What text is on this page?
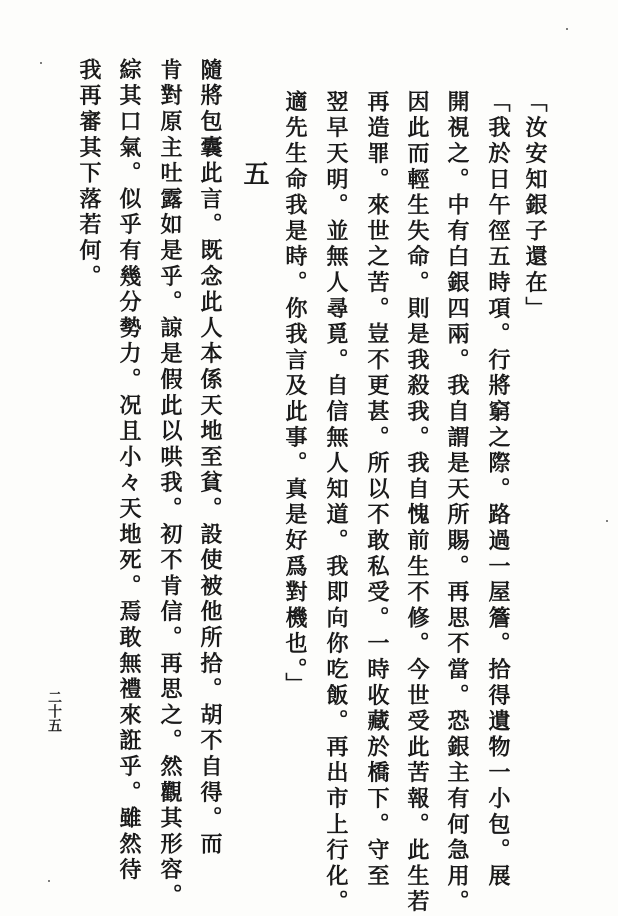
「汝安知銀子還在」
「我於日午徑五時項。行將窮之際。路過一屋簷。拾得遺物一小包。展
開視之。中有白銀四兩。我自謂是天所賜。再思不當。恐銀主有何急用。
因此而輕生失命。則是我殺我。我自愧前生不修。今世受此苦報。此生若
再造罪。來世之苦。豈不更甚。所以不敢私受。一時收藏於橋下。守至
翌早天明。並無人尋覓。自信無人知道。我即向你吃飯。再出市上行化。
適先生命我是時。你我言及此事。真是好爲對機也。」
五
隨將包囊此言。既念此人本係天地至貧。設使被他所拾。胡不自得。而
肯對原主吐露如是乎。諒是假此以哄我。初不肯信。再思之。然觀其形容。
綜其口氣。似乎有幾分勢力。况且小々天地死。焉敢無禮來誑乎。雖然待
我再審其下落若何。
二十五
